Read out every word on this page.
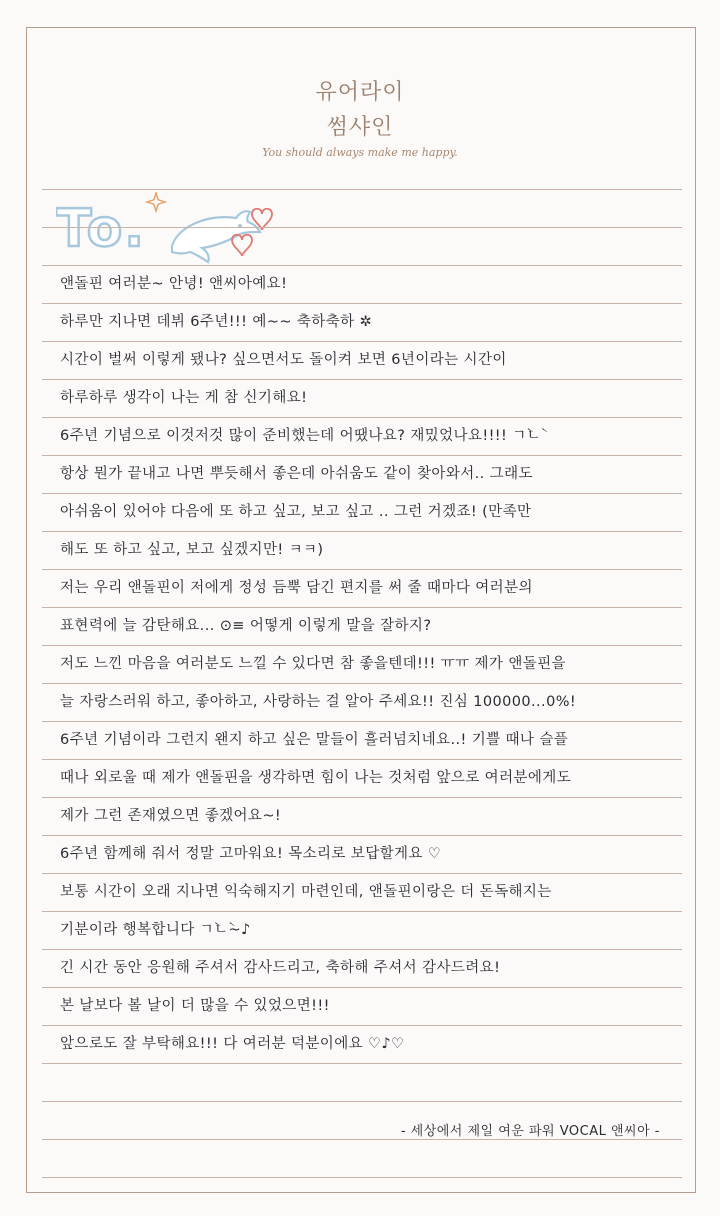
유어라이
썸샤인
You should always make me happy.
To.
앤돌핀 여러분~ 안녕! 앤씨아예요!
하루만 지나면 데뷔 6주년!!! 예~~ 축하축하 ✲
시간이 벌써 이렇게 됐나? 싶으면서도 돌이켜 보면 6년이라는 시간이
하루하루 생각이 나는 게 참 신기해요!
6주년 기념으로 이것저것 많이 준비했는데 어땠나요? 재밌었나요!!!! ㄱ̀ㄴ̀
항상 뭔가 끝내고 나면 뿌듯해서 좋은데 아쉬움도 같이 찾아와서.. 그래도
아쉬움이 있어야 다음에 또 하고 싶고, 보고 싶고 .. 그런 거겠죠! (만족만
해도 또 하고 싶고, 보고 싶겠지만! ㅋㅋ)
저는 우리 앤돌핀이 저에게 정성 듬뿍 담긴 편지를 써 줄 때마다 여러분의
표현력에 늘 감탄해요... ⊙≡ 어떻게 이렇게 말을 잘하지?
저도 느낀 마음을 여러분도 느낄 수 있다면 참 좋을텐데!!! ㅠㅠ 제가 앤돌핀을
늘 자랑스러워 하고, 좋아하고, 사랑하는 걸 알아 주세요!! 진심 100000...0%!
6주년 기념이라 그런지 왠지 하고 싶은 말들이 흘러넘치네요..! 기쁠 때나 슬플
때나 외로울 때 제가 앤돌핀을 생각하면 힘이 나는 것처럼 앞으로 여러분에게도
제가 그런 존재였으면 좋겠어요~!
6주년 함께해 줘서 정말 고마워요! 목소리로 보답할게요 ♡
보통 시간이 오래 지나면 익숙해지기 마련인데, 앤돌핀이랑은 더 돈독해지는
기분이라 행복합니다 ㄱ̀ㄴ̀~♪
긴 시간 동안 응원해 주셔서 감사드리고, 축하해 주셔서 감사드려요!
본 날보다 볼 날이 더 많을 수 있었으면!!!
앞으로도 잘 부탁해요!!! 다 여러분 덕분이에요 ♡♪♡
- 세상에서 제일 여운 파워 VOCAL 앤씨아 -
